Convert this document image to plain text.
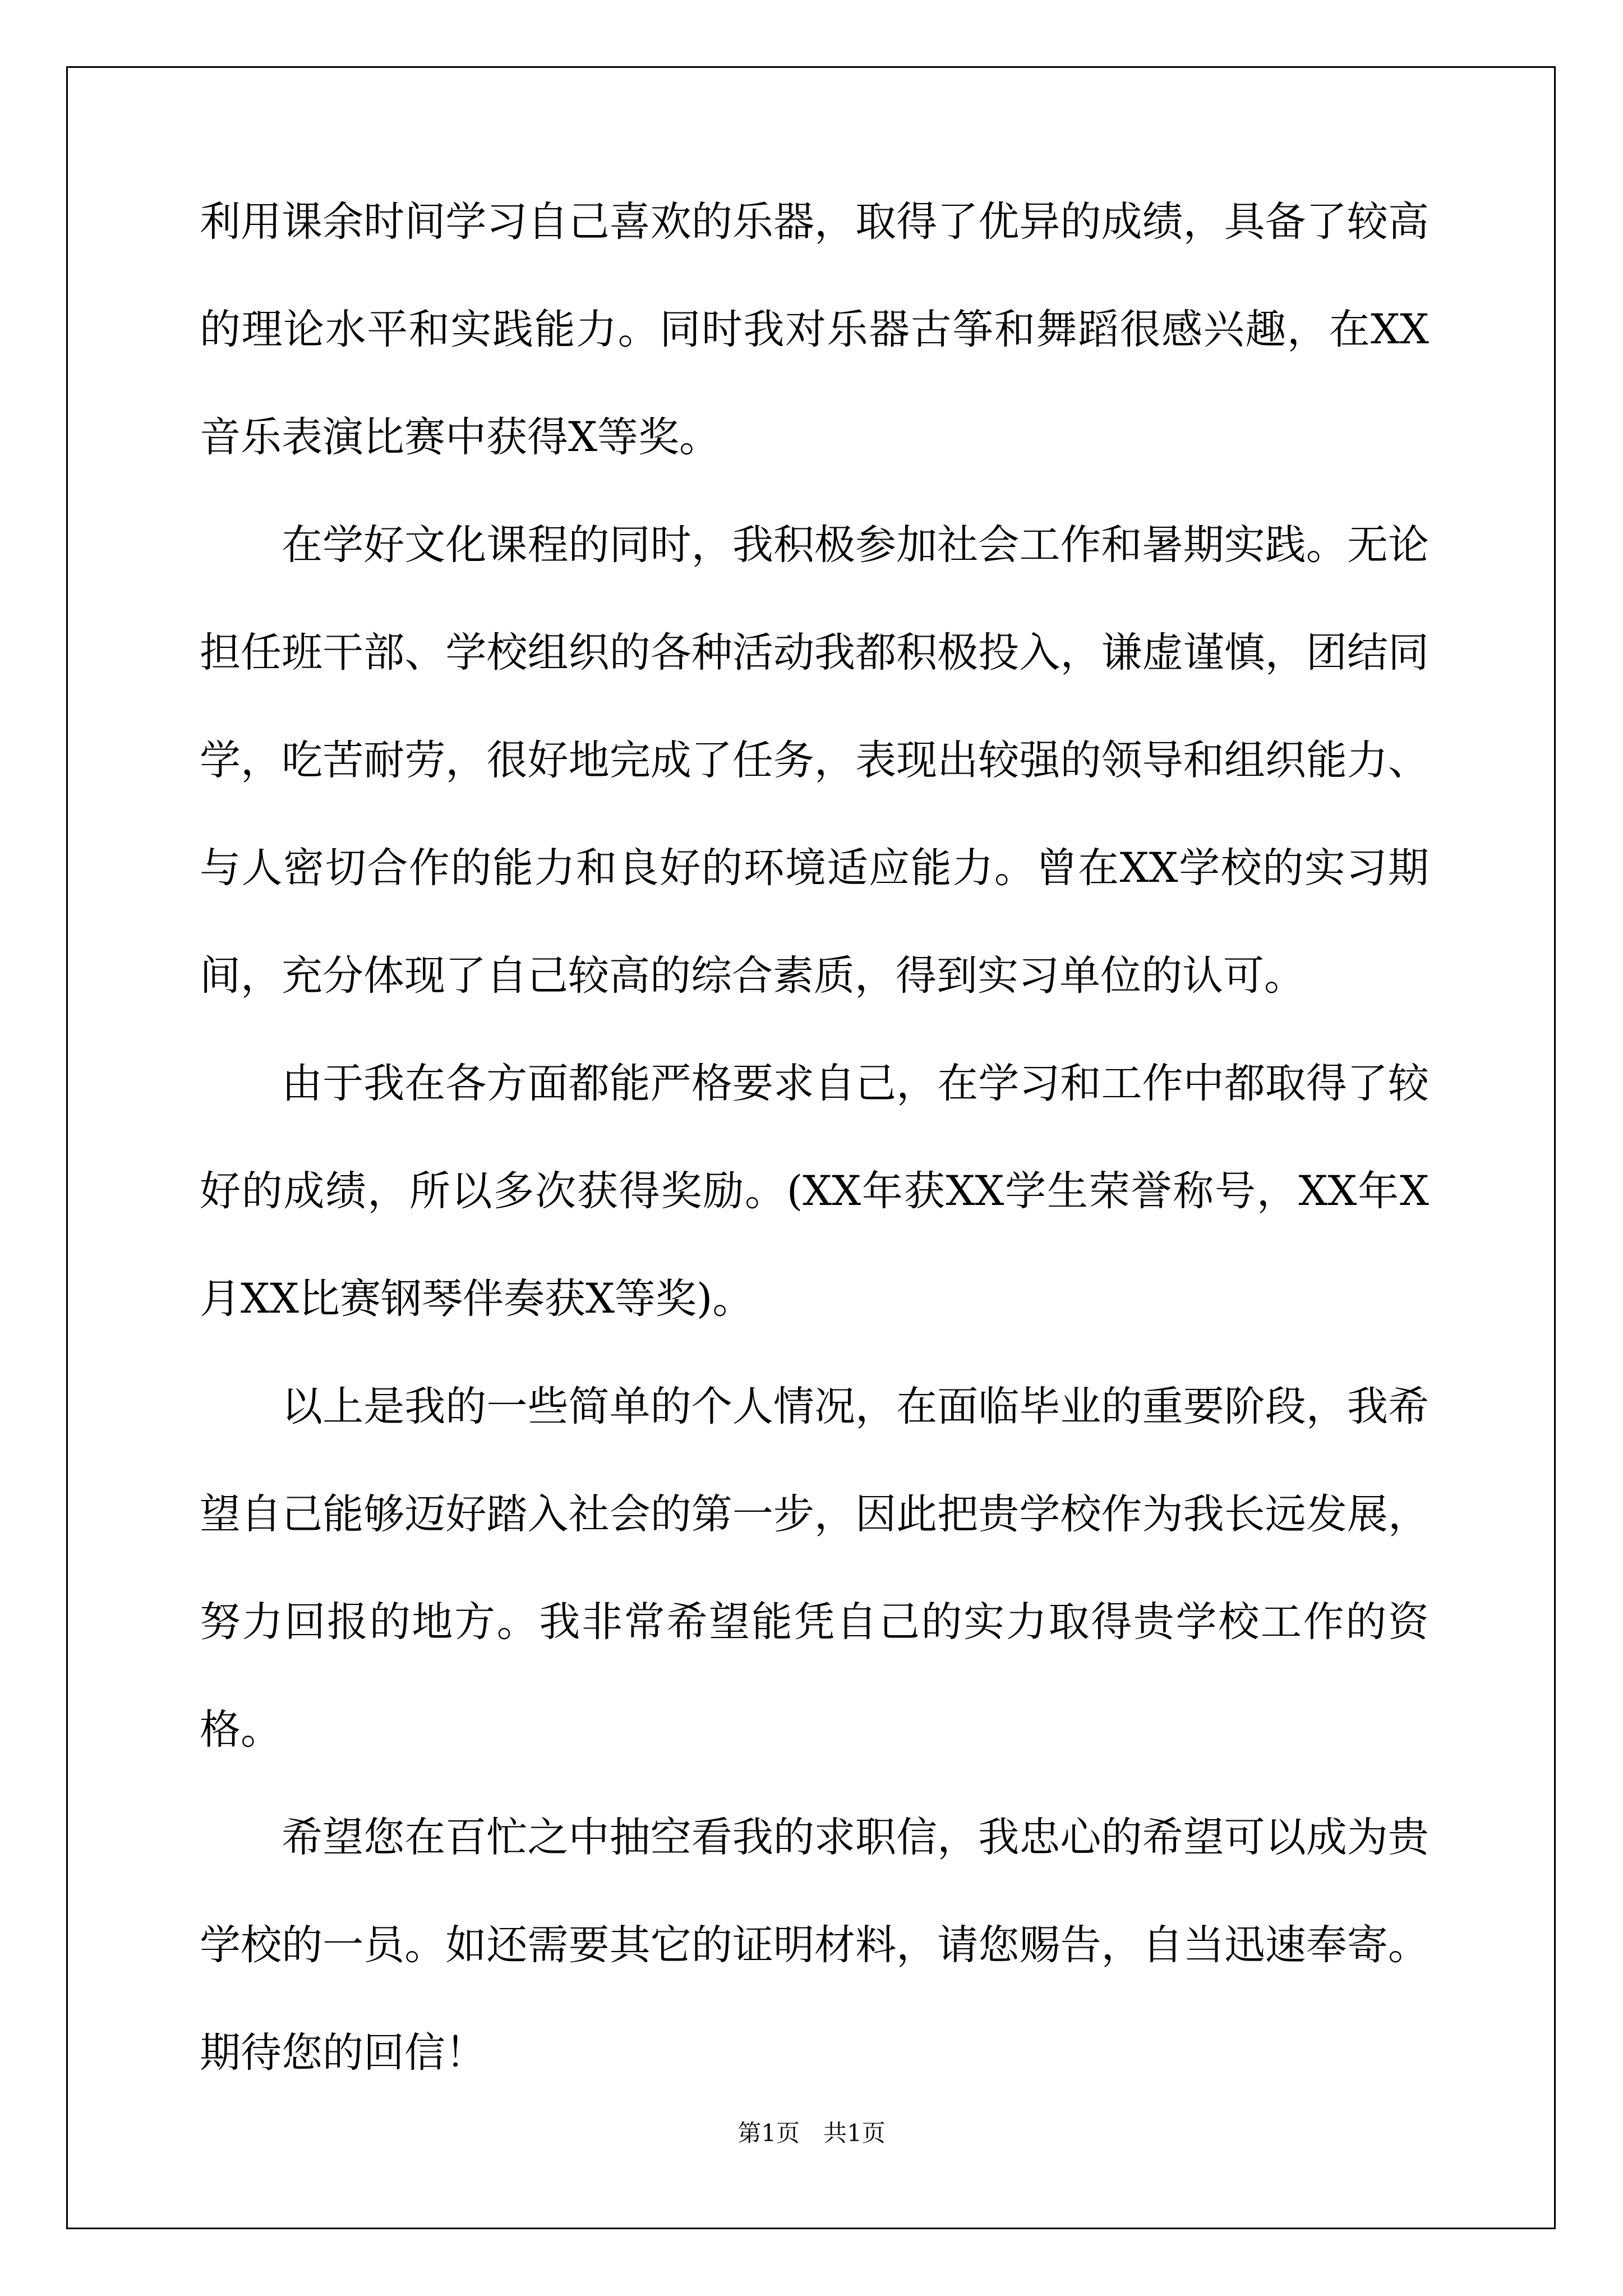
利用课余时间学习自己喜欢的乐器，取得了优异的成绩，具备了较高的理论水平和实践能力。同时我对乐器古筝和舞蹈很感兴趣，在XX音乐表演比赛中获得X等奖。

在学好文化课程的同时，我积极参加社会工作和暑期实践。无论担任班干部、学校组织的各种活动我都积极投入，谦虚谨慎，团结同学，吃苦耐劳，很好地完成了任务，表现出较强的领导和组织能力、与人密切合作的能力和良好的环境适应能力。曾在XX学校的实习期间，充分体现了自己较高的综合素质，得到实习单位的认可。

由于我在各方面都能严格要求自己，在学习和工作中都取得了较好的成绩，所以多次获得奖励。(XX年获XX学生荣誉称号，XX年X月XX比赛钢琴伴奏获X等奖)。

以上是我的一些简单的个人情况，在面临毕业的重要阶段，我希望自己能够迈好踏入社会的第一步，因此把贵学校作为我长远发展，努力回报的地方。我非常希望能凭自己的实力取得贵学校工作的资格。

希望您在百忙之中抽空看我的求职信，我忠心的希望可以成为贵学校的一员。如还需要其它的证明材料，请您赐告，自当迅速奉寄。期待您的回信！

第1页　共1页
